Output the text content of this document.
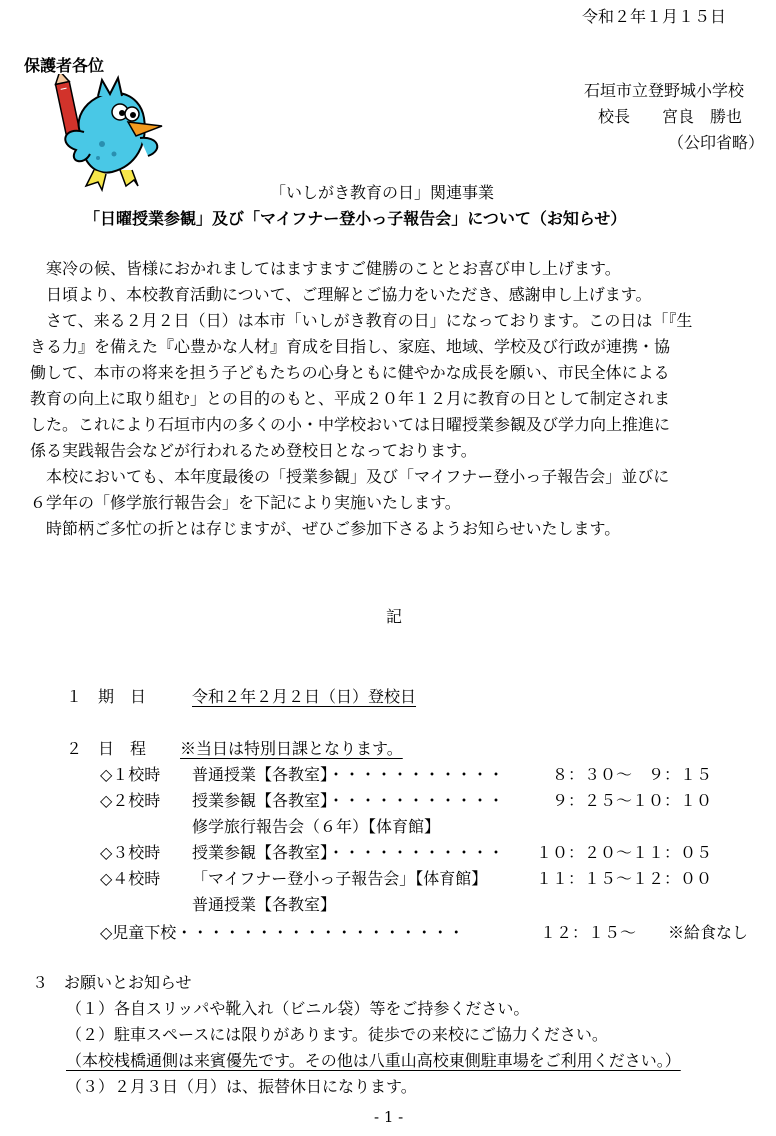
令和２年１月１５日
保護者各位
石垣市立登野城小学校
校長　　宮良　勝也
（公印省略）
「いしがき教育の日」関連事業
「日曜授業参観」及び「マイフナー登小っ子報告会」について（お知らせ）

寒冷の候、皆様におかれましてはますますご健勝のこととお喜び申し上げます。

日頃より、本校教育活動について、ご理解とご協力をいただき、感謝申し上げます。

さて、来る２月２日（日）は本市「いしがき教育の日」になっております。この日は「『生

きる力』を備えた『心豊かな人材』育成を目指し、家庭、地域、学校及び行政が連携・協

働して、本市の将来を担う子どもたちの心身ともに健やかな成長を願い、市民全体による

教育の向上に取り組む」との目的のもと、平成２０年１２月に教育の日として制定されま

した。これにより石垣市内の多くの小・中学校おいては日曜授業参観及び学力向上推進に

係る実践報告会などが行われるため登校日となっております。

本校においても、本年度最後の「授業参観」及び「マイフナー登小っ子報告会」並びに

６学年の「修学旅行報告会」を下記により実施いたします。

時節柄ご多忙の折とは存じますが、ぜひご参加下さるようお知らせいたします。

記
１ 期　日	令和２年２月２日（日）登校日
２ 日　程 ※当日は特別日課となります。
◇１校時 普通授業【各教室】・・・・・・・・・・・	８：３０〜　９：１５
◇２校時 授業参観【各教室】・・・・・・・・・・・	９：２５〜１０：１０
修学旅行報告会（６年）【体育館】
◇３校時 授業参観【各教室】・・・・・・・・・・・ １０：２０〜１１：０５
◇４校時 「マイフナー登小っ子報告会」【体育館】	１１：１５〜１２：００
普通授業【各教室】
◇児童下校・・・・・・・・・・・・・・・・・・	１２：１５〜 ※給食なし
３ お願いとお知らせ
（１）各自スリッパや靴入れ（ビニル袋）等をご持参ください。
（２）駐車スペースには限りがあります。徒歩での来校にご協力ください。
（本校桟橋通側は来賓優先です。その他は八重山高校東側駐車場をご利用ください。）
（３）２月３日（月）は、振替休日になります。
- 1 -
